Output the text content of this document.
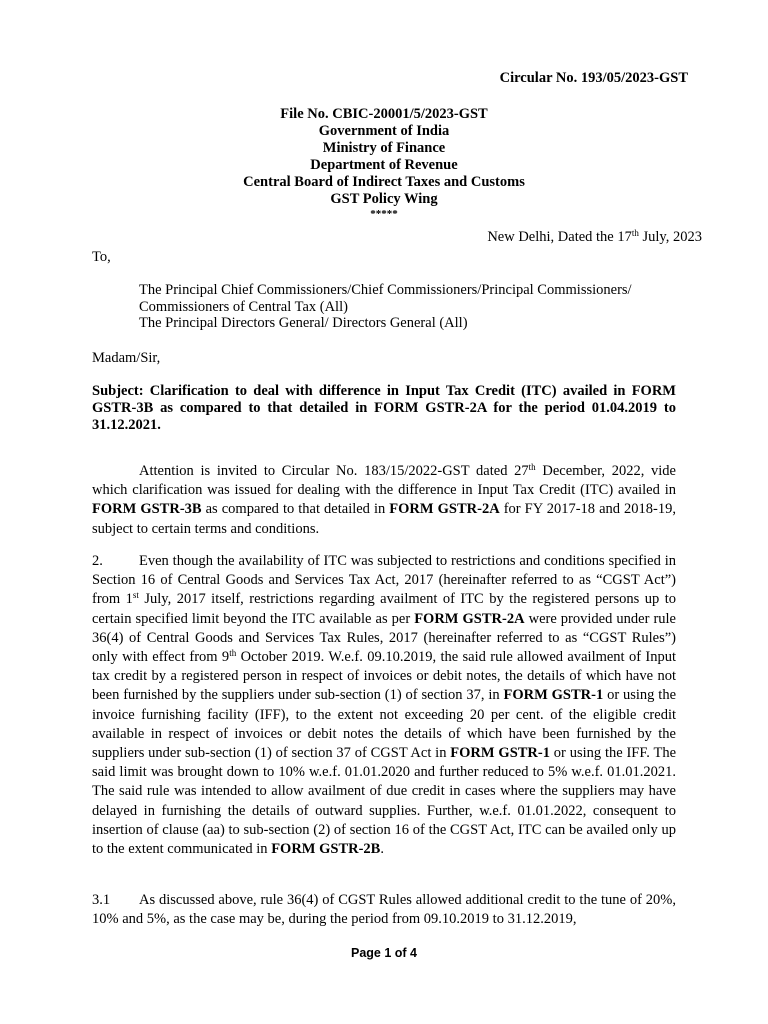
Circular No. 193/05/2023-GST
File No. CBIC-20001/5/2023-GST
Government of India
Ministry of Finance
Department of Revenue
Central Board of Indirect Taxes and Customs
GST Policy Wing
*****
New Delhi, Dated the 17th July, 2023
To,
The Principal Chief Commissioners/Chief Commissioners/Principal Commissioners/ Commissioners of Central Tax (All)
The Principal Directors General/ Directors General (All)
Madam/Sir,
Subject: Clarification to deal with difference in Input Tax Credit (ITC) availed in FORM GSTR-3B as compared to that detailed in FORM GSTR-2A for the period 01.04.2019 to 31.12.2021.
Attention is invited to Circular No. 183/15/2022-GST dated 27th December, 2022, vide which clarification was issued for dealing with the difference in Input Tax Credit (ITC) availed in FORM GSTR-3B as compared to that detailed in FORM GSTR-2A for FY 2017-18 and 2018-19, subject to certain terms and conditions.
2. Even though the availability of ITC was subjected to restrictions and conditions specified in Section 16 of Central Goods and Services Tax Act, 2017 (hereinafter referred to as “CGST Act”) from 1st July, 2017 itself, restrictions regarding availment of ITC by the registered persons up to certain specified limit beyond the ITC available as per FORM GSTR-2A were provided under rule 36(4) of Central Goods and Services Tax Rules, 2017 (hereinafter referred to as “CGST Rules”) only with effect from 9th October 2019. W.e.f. 09.10.2019, the said rule allowed availment of Input tax credit by a registered person in respect of invoices or debit notes, the details of which have not been furnished by the suppliers under sub-section (1) of section 37, in FORM GSTR-1 or using the invoice furnishing facility (IFF), to the extent not exceeding 20 per cent. of the eligible credit available in respect of invoices or debit notes the details of which have been furnished by the suppliers under sub-section (1) of section 37 of CGST Act in FORM GSTR-1 or using the IFF. The said limit was brought down to 10% w.e.f. 01.01.2020 and further reduced to 5% w.e.f. 01.01.2021. The said rule was intended to allow availment of due credit in cases where the suppliers may have delayed in furnishing the details of outward supplies. Further, w.e.f. 01.01.2022, consequent to insertion of clause (aa) to sub-section (2) of section 16 of the CGST Act, ITC can be availed only up to the extent communicated in FORM GSTR-2B.
3.1 As discussed above, rule 36(4) of CGST Rules allowed additional credit to the tune of 20%, 10% and 5%, as the case may be, during the period from 09.10.2019 to 31.12.2019,
Page 1 of 4
